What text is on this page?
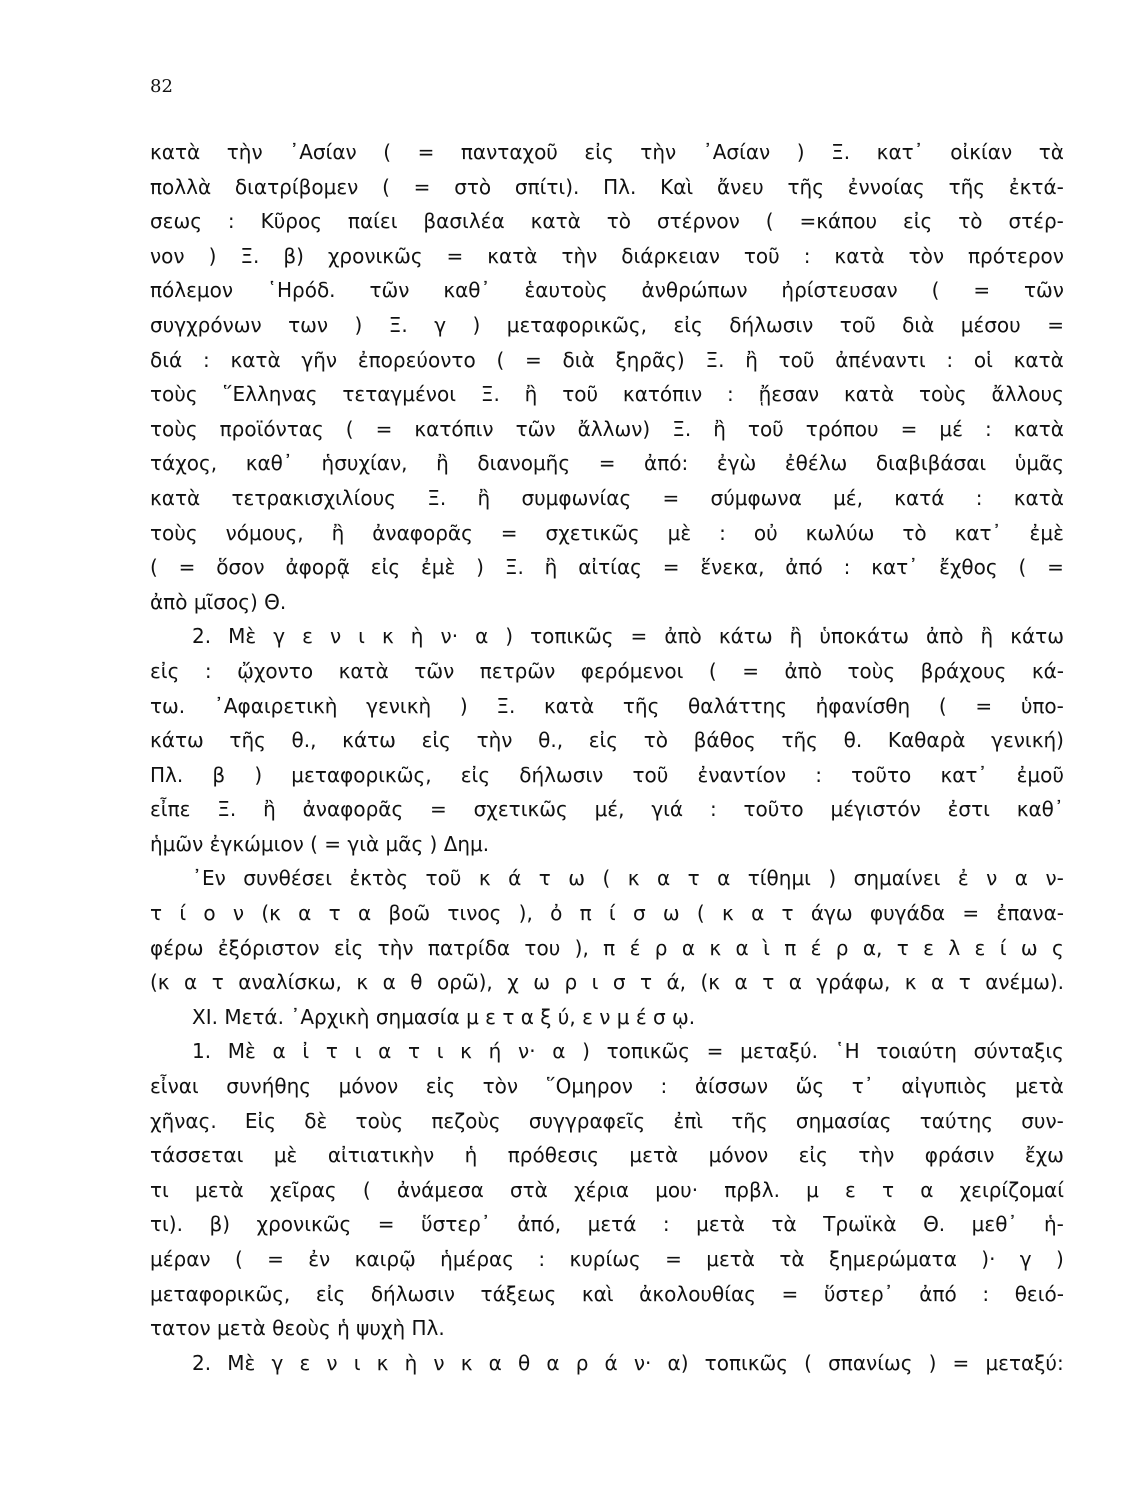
82
κατὰ τὴν ᾿Ασίαν ( = πανταχοῦ εἰς τὴν ᾿Ασίαν ) Ξ. κατ᾿ οἰκίαν τὰ
πολλὰ διατρίβομεν ( = στὸ σπίτι). Πλ. Καὶ ἄνευ τῆς ἐννοίας τῆς ἐκτά-
σεως : Κῦρος παίει βασιλέα κατὰ τὸ στέρνον ( =κάπου εἰς τὸ στέρ-
νον ) Ξ. β) χρονικῶς = κατὰ τὴν διάρκειαν τοῦ : κατὰ τὸν πρότερον
πόλεμον ῾Ηρόδ. τῶν καθ᾿ ἑαυτοὺς ἀνθρώπων ἠρίστευσαν ( = τῶν
συγχρόνων των ) Ξ. γ ) μεταφορικῶς, εἰς δήλωσιν τοῦ διὰ μέσου =
διά : κατὰ γῆν ἐπορεύοντο ( = διὰ ξηρᾶς) Ξ. ἢ τοῦ ἀπέναντι : οἱ κατὰ
τοὺς ῞Ελληνας τεταγμένοι Ξ. ἢ τοῦ κατόπιν : ᾔεσαν κατὰ τοὺς ἄλλους
τοὺς προϊόντας ( = κατόπιν τῶν ἄλλων) Ξ. ἢ τοῦ τρόπου = μέ : κατὰ
τάχος, καθ᾿ ἡσυχίαν, ἢ διανομῆς = ἀπό: ἐγὼ ἐθέλω διαβιβάσαι ὑμᾶς
κατὰ τετρακισχιλίους Ξ. ἢ συμφωνίας = σύμφωνα μέ, κατά : κατὰ
τοὺς νόμους, ἢ ἀναφορᾶς = σχετικῶς μὲ : οὐ κωλύω τὸ κατ᾿ ἐμὲ
( = ὅσον ἀφορᾷ εἰς ἐμὲ ) Ξ. ἢ αἰτίας = ἕνεκα, ἀπό : κατ᾿ ἔχθος ( =
ἀπὸ μῖσος) Θ.
2. Μὲ γ ε ν ι κ ὴ ν· α ) τοπικῶς = ἀπὸ κάτω ἢ ὑποκάτω ἀπὸ ἢ κάτω
εἰς : ᾤχοντο κατὰ τῶν πετρῶν φερόμενοι ( = ἀπὸ τοὺς βράχους κά-
τω. ᾿Αφαιρετικὴ γενικὴ ) Ξ. κατὰ τῆς θαλάττης ἠφανίσθη ( = ὑπο-
κάτω τῆς θ., κάτω εἰς τὴν θ., εἰς τὸ βάθος τῆς θ. Καθαρὰ γενική)
Πλ. β ) μεταφορικῶς, εἰς δήλωσιν τοῦ ἐναντίον : τοῦτο κατ᾿ ἐμοῦ
εἶπε Ξ. ἢ ἀναφορᾶς = σχετικῶς μέ, γιά : τοῦτο μέγιστόν ἐστι καθ᾿
ἡμῶν ἐγκώμιον ( = γιὰ μᾶς ) Δημ.
᾿Εν συνθέσει ἐκτὸς τοῦ κ ά τ ω ( κ α τ α τίθημι ) σημαίνει ἐ ν α ν-
τ ί ο ν (κ α τ α βοῶ τινος ), ὀ π ί σ ω ( κ α τ άγω φυγάδα = ἐπανα-
φέρω ἐξόριστον εἰς τὴν πατρίδα του ), π έ ρ α κ α ὶ π έ ρ α, τ ε λ ε ί ω ς
(κ α τ αναλίσκω, κ α θ ορῶ), χ ω ρ ι σ τ ά, (κ α τ α γράφω, κ α τ ανέμω).
XI. Μετά. ᾿Αρχικὴ σημασία μ ε τ α ξ ύ, ε ν μ έ σ ῳ.
1. Μὲ α ἰ τ ι α τ ι κ ή ν· α ) τοπικῶς = μεταξύ. ῾Η τοιαύτη σύνταξις
εἶναι συνήθης μόνον εἰς τὸν ῞Ομηρον : ἀίσσων ὥς τ᾿ αἰγυπιὸς μετὰ
χῆνας. Εἰς δὲ τοὺς πεζοὺς συγγραφεῖς ἐπὶ τῆς σημασίας ταύτης συν-
τάσσεται μὲ αἰτιατικὴν ἡ πρόθεσις μετὰ μόνον εἰς τὴν φράσιν ἔχω
τι μετὰ χεῖρας ( ἀνάμεσα στὰ χέρια μου· πρβλ. μ ε τ α χειρίζομαί
τι). β) χρονικῶς = ὕστερ᾿ ἀπό, μετά : μετὰ τὰ Τρωϊκὰ Θ. μεθ᾿ ἡ-
μέραν ( = ἐν καιρῷ ἡμέρας : κυρίως = μετὰ τὰ ξημερώματα )· γ )
μεταφορικῶς, εἰς δήλωσιν τάξεως καὶ ἀκολουθίας = ὕστερ᾿ ἀπό : θειό-
τατον μετὰ θεοὺς ἡ ψυχὴ Πλ.
2. Μὲ γ ε ν ι κ ὴ ν κ α θ α ρ ά ν· α) τοπικῶς ( σπανίως ) = μεταξύ:
